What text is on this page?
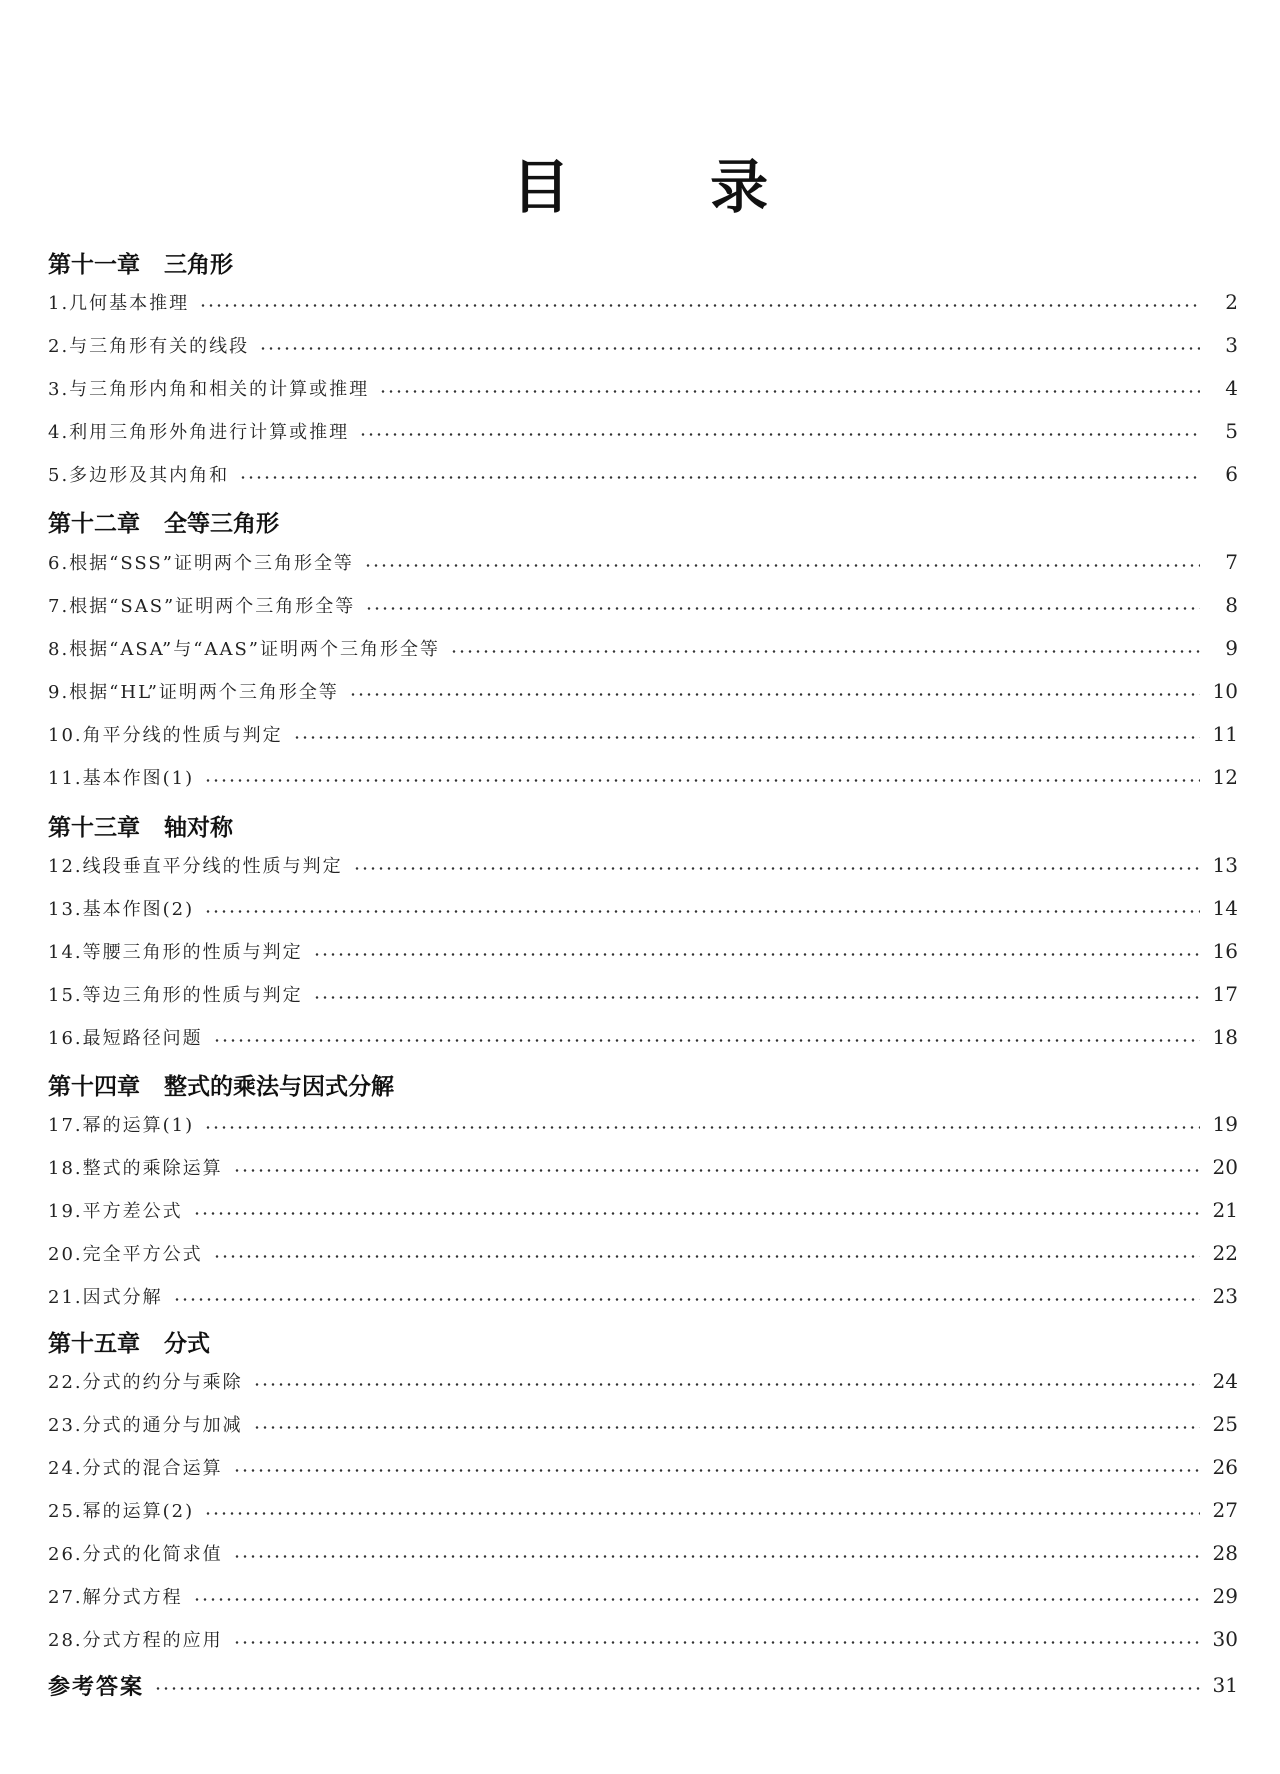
目 录
第十一章   三角形
1.几何基本推理	2
2.与三角形有关的线段	3
3.与三角形内角和相关的计算或推理	4
4.利用三角形外角进行计算或推理	5
5.多边形及其内角和	6
第十二章   全等三角形
6.根据“SSS”证明两个三角形全等	7
7.根据“SAS”证明两个三角形全等	8
8.根据“ASA”与“AAS”证明两个三角形全等	9
9.根据“HL”证明两个三角形全等	10
10.角平分线的性质与判定	11
11.基本作图(1)	12
第十三章   轴对称
12.线段垂直平分线的性质与判定	13
13.基本作图(2)	14
14.等腰三角形的性质与判定	16
15.等边三角形的性质与判定	17
16.最短路径问题	18
第十四章   整式的乘法与因式分解
17.幂的运算(1)	19
18.整式的乘除运算	20
19.平方差公式	21
20.完全平方公式	22
21.因式分解	23
第十五章   分式
22.分式的约分与乘除	24
23.分式的通分与加减	25
24.分式的混合运算	26
25.幂的运算(2)	27
26.分式的化简求值	28
27.解分式方程	29
28.分式方程的应用	30
参考答案	31
